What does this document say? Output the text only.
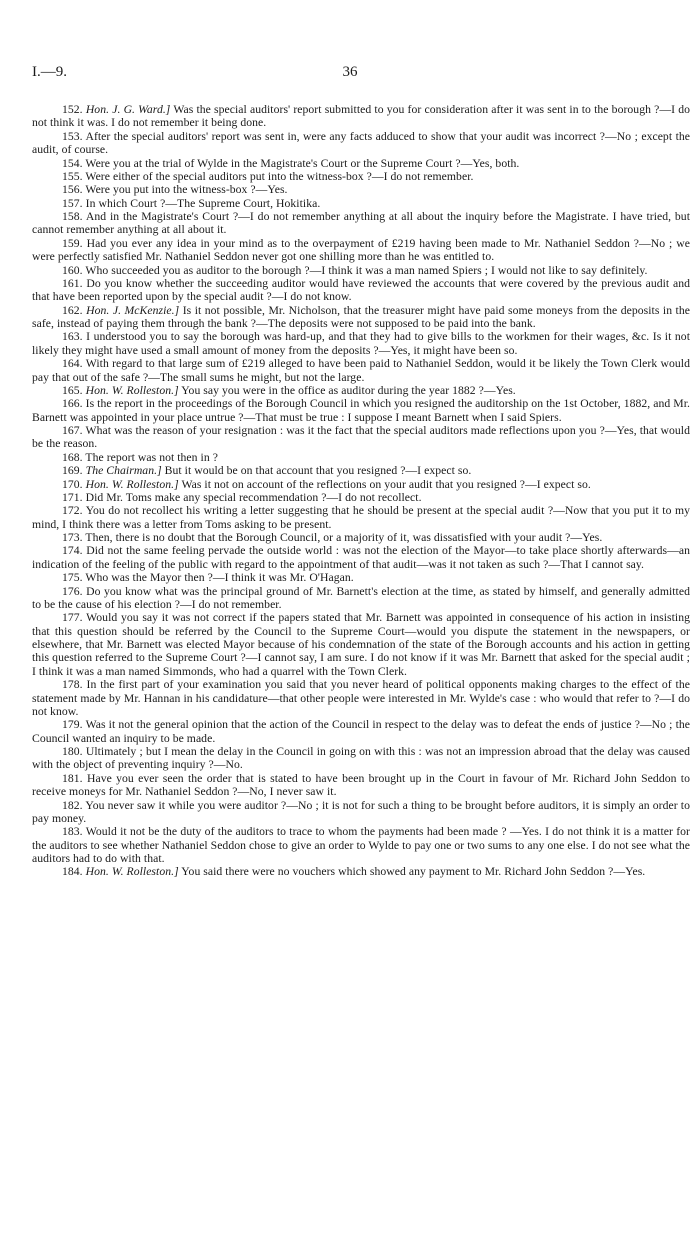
I.—9.	36

152. Hon. J. G. Ward.] Was the special auditors' report submitted to you for consideration after it was sent in to the borough ?—I do not think it was. I do not remember it being done.

153. After the special auditors' report was sent in, were any facts adduced to show that your audit was incorrect ?—No ; except the audit, of course.

154. Were you at the trial of Wylde in the Magistrate's Court or the Supreme Court ?—Yes, both.

155. Were either of the special auditors put into the witness-box ?—I do not remember.

156. Were you put into the witness-box ?—Yes.

157. In which Court ?—The Supreme Court, Hokitika.

158. And in the Magistrate's Court ?—I do not remember anything at all about the inquiry before the Magistrate. I have tried, but cannot remember anything at all about it.

159. Had you ever any idea in your mind as to the overpayment of £219 having been made to Mr. Nathaniel Seddon ?—No ; we were perfectly satisfied Mr. Nathaniel Seddon never got one shilling more than he was entitled to.

160. Who succeeded you as auditor to the borough ?—I think it was a man named Spiers ; I would not like to say definitely.

161. Do you know whether the succeeding auditor would have reviewed the accounts that were covered by the previous audit and that have been reported upon by the special audit ?—I do not know.

162. Hon. J. McKenzie.] Is it not possible, Mr. Nicholson, that the treasurer might have paid some moneys from the deposits in the safe, instead of paying them through the bank ?—The deposits were not supposed to be paid into the bank.

163. I understood you to say the borough was hard-up, and that they had to give bills to the workmen for their wages, &c. Is it not likely they might have used a small amount of money from the deposits ?—Yes, it might have been so.

164. With regard to that large sum of £219 alleged to have been paid to Nathaniel Seddon, would it be likely the Town Clerk would pay that out of the safe ?—The small sums he might, but not the large.

165. Hon. W. Rolleston.] You say you were in the office as auditor during the year 1882 ?—Yes.

166. Is the report in the proceedings of the Borough Council in which you resigned the auditorship on the 1st October, 1882, and Mr. Barnett was appointed in your place untrue ?—That must be true : I suppose I meant Barnett when I said Spiers.

167. What was the reason of your resignation : was it the fact that the special auditors made reflections upon you ?—Yes, that would be the reason.

168. The report was not then in ?

169. The Chairman.] But it would be on that account that you resigned ?—I expect so.

170. Hon. W. Rolleston.] Was it not on account of the reflections on your audit that you resigned ?—I expect so.

171. Did Mr. Toms make any special recommendation ?—I do not recollect.

172. You do not recollect his writing a letter suggesting that he should be present at the special audit ?—Now that you put it to my mind, I think there was a letter from Toms asking to be present.

173. Then, there is no doubt that the Borough Council, or a majority of it, was dissatisfied with your audit ?—Yes.

174. Did not the same feeling pervade the outside world : was not the election of the Mayor—to take place shortly afterwards—an indication of the feeling of the public with regard to the appointment of that audit—was it not taken as such ?—That I cannot say.

175. Who was the Mayor then ?—I think it was Mr. O'Hagan.

176. Do you know what was the principal ground of Mr. Barnett's election at the time, as stated by himself, and generally admitted to be the cause of his election ?—I do not remember.

177. Would you say it was not correct if the papers stated that Mr. Barnett was appointed in consequence of his action in insisting that this question should be referred by the Council to the Supreme Court—would you dispute the statement in the newspapers, or elsewhere, that Mr. Barnett was elected Mayor because of his condemnation of the state of the Borough accounts and his action in getting this question referred to the Supreme Court ?—I cannot say, I am sure. I do not know if it was Mr. Barnett that asked for the special audit ; I think it was a man named Simmonds, who had a quarrel with the Town Clerk.

178. In the first part of your examination you said that you never heard of political opponents making charges to the effect of the statement made by Mr. Hannan in his candidature—that other people were interested in Mr. Wylde's case : who would that refer to ?—I do not know.

179. Was it not the general opinion that the action of the Council in respect to the delay was to defeat the ends of justice ?—No ; the Council wanted an inquiry to be made.

180. Ultimately ; but I mean the delay in the Council in going on with this : was not an impression abroad that the delay was caused with the object of preventing inquiry ?—No.

181. Have you ever seen the order that is stated to have been brought up in the Court in favour of Mr. Richard John Seddon to receive moneys for Mr. Nathaniel Seddon ?—No, I never saw it.

182. You never saw it while you were auditor ?—No ; it is not for such a thing to be brought before auditors, it is simply an order to pay money.

183. Would it not be the duty of the auditors to trace to whom the payments had been made ? —Yes. I do not think it is a matter for the auditors to see whether Nathaniel Seddon chose to give an order to Wylde to pay one or two sums to any one else. I do not see what the auditors had to do with that.

184. Hon. W. Rolleston.] You said there were no vouchers which showed any payment to Mr. Richard John Seddon ?—Yes.
